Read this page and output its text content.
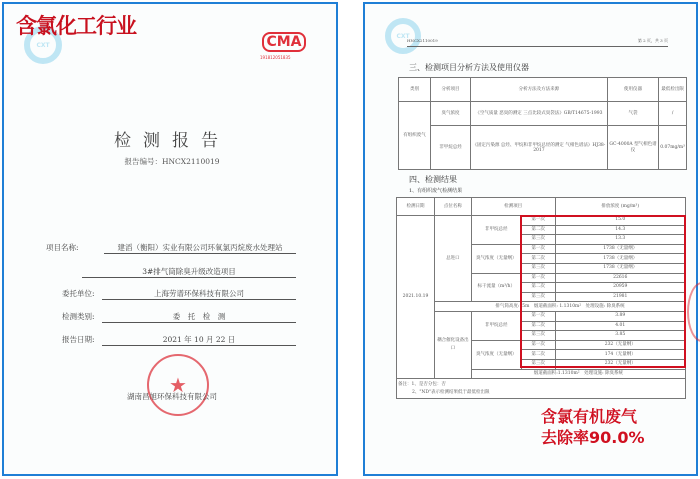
CXT
含氯化工行业
CMA
191812051835
检测报告
报告编号：HNCX2110019
项目名称:	建滔（衡阳）实业有限公司环氧氯丙烷废水处理站
3#排气筒除臭升级改造项目
委托单位:	上海劳谱环保科技有限公司
检测类别:	委　托　检　测
报告日期:	2021 年 10 月 22 日
★
湖南昌旭环保科技有限公司
CXT
HNCX2110019	第 2 页，共 3 页
三、检测项目分析方法及使用仪器
类别	分析项目	分析方法及方法来源	使用仪器	最低检出限
有组织废气	臭气浓度	《空气质量 恶臭的测定 三点比较式臭袋法》GB/T14675-1993	气袋	/
	非甲烷总烃	《固定污染源 总烃、甲烷和非甲烷总烃的测定 气相色谱法》HJ38-2017	GC-4000A 型气相色谱仪	0.07mg/m³
四、检测结果
1、有组织废气检测结果
检测日期	点位名称	检测项目		排放浓度 (mg/m³)
2021.10.19	总进口	非甲烷总烃	第一次	15.0
			第二次	14.3
			第三次	13.3
		臭气浓度（无量纲）	第一次	1738（无量纲）
			第二次	1738（无量纲）
			第三次	1738（无量纲）
		标干流量（m³/h）	第一次	22616
			第二次	20959
			第三次	21981
	排气筒高度:15m　烟道截面积: 1.1310m²　处理设施: 除臭系统			
	耦合催化设备出口	非甲烷总烃	第一次	3.89
			第二次	4.01
			第三次	3.85
		臭气浓度（无量纲）	第一次	232（无量纲）
			第二次	174（无量纲）
			第三次	232（无量纲）
		烟道截面积:1.1310m²　处理设施: 除臭系统		

备注：1、是否分包：否
2、"ND"表示检测结果低于最低检出限				
含氯有机废气
去除率90.0%
